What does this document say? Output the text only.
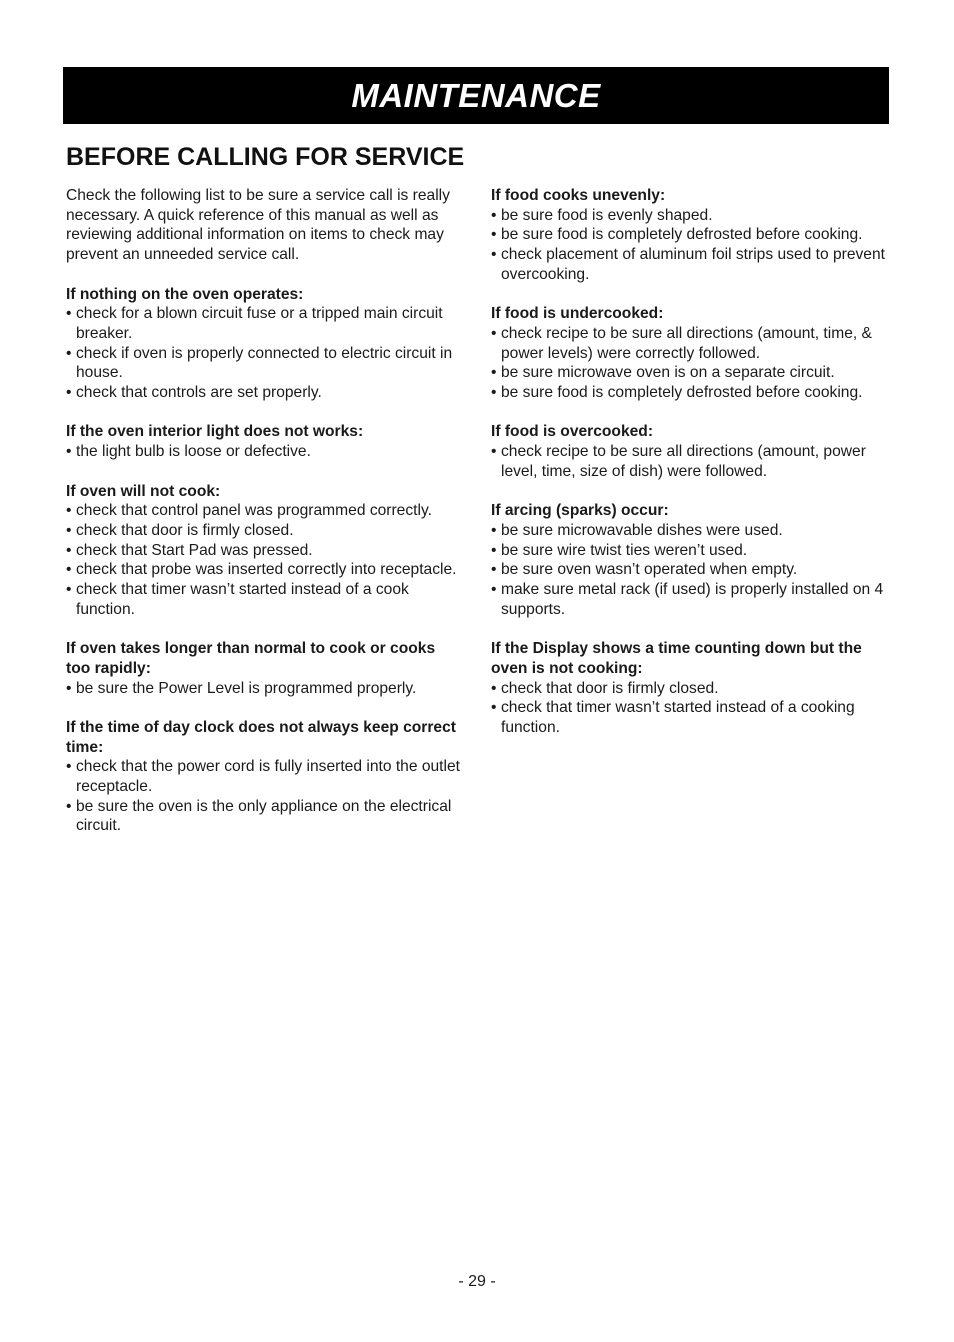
MAINTENANCE
BEFORE CALLING FOR SERVICE

Check the following list to be sure a service call is really necessary. A quick reference of this manual as well as reviewing additional information on items to check may prevent an unneeded service call.

If nothing on the oven operates:
• check for a blown circuit fuse or a tripped main circuit breaker.
• check if oven is properly connected to electric circuit in house.
• check that controls are set properly.
If the oven interior light does not works:
• the light bulb is loose or defective.
If oven will not cook:
• check that control panel was programmed correctly.
• check that door is firmly closed.
• check that Start Pad was pressed.
• check that probe was inserted correctly into receptacle.
• check that timer wasn’t started instead of a cook function.
If oven takes longer than normal to cook or cooks too rapidly:
• be sure the Power Level is programmed properly.
If the time of day clock does not always keep correct time:
• check that the power cord is fully inserted into the outlet receptacle.
• be sure the oven is the only appliance on the electrical circuit.
If food cooks unevenly:
• be sure food is evenly shaped.
• be sure food is completely defrosted before cooking.
• check placement of aluminum foil strips used to prevent overcooking.
If food is undercooked:
• check recipe to be sure all directions (amount, time, & power levels) were correctly followed.
• be sure microwave oven is on a separate circuit.
• be sure food is completely defrosted before cooking.
If food is overcooked:
• check recipe to be sure all directions (amount, power level, time, size of dish) were followed.
If arcing (sparks) occur:
• be sure microwavable dishes were used.
• be sure wire twist ties weren’t used.
• be sure oven wasn’t operated when empty.
• make sure metal rack (if used) is properly installed on 4 supports.
If the Display shows a time counting down but the oven is not cooking:
• check that door is firmly closed.
• check that timer wasn’t started instead of a cooking function.
- 29 -
